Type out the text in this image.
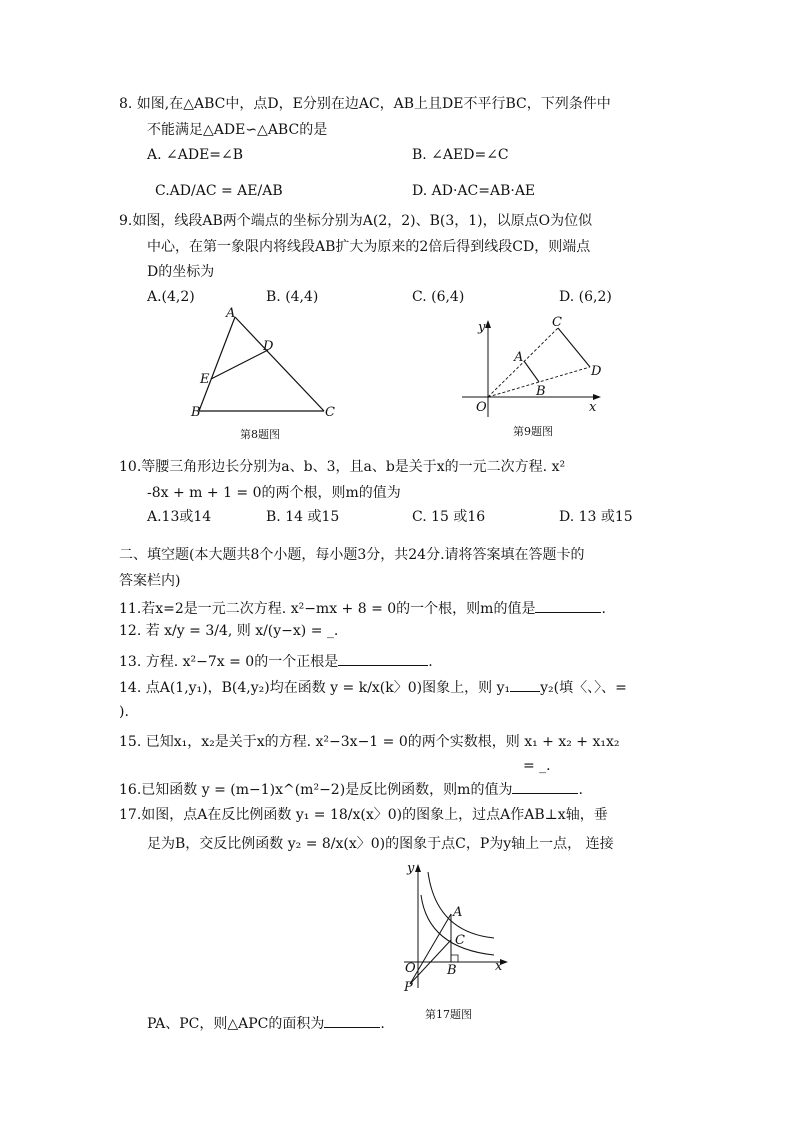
8. 如图,在△ABC中，点D，E分别在边AC，AB上且DE不平行BC，下列条件中
不能满足△ADE∽△ABC的是
A. ∠ADE=∠B	B. ∠AED=∠C
C.AD/AC = AE/AB	D. AD·AC=AB·AE
9.如图，线段AB两个端点的坐标分别为A(2，2)、B(3，1)，以原点O为位似
中心，在第一象限内将线段AB扩大为原来的2倍后得到线段CD，则端点
D的坐标为
A.(4,2)	B. (4,4)	C. (6,4)	D. (6,2)
A
D
E
B	C
第8题图
y	C
A
D
B
O	x
第9题图
10.等腰三角形边长分别为a、b、3，且a、b是关于x的一元二次方程. x²
-8x + m + 1 = 0的两个根，则m的值为
A.13或14	B. 14 或15	C. 15 或16	D. 13 或15
二、填空题(本大题共8个小题，每小题3分，共24分.请将答案填在答题卡的
答案栏内)
11.若x=2是一元二次方程. x²−mx + 8 = 0的一个根，则m的值是	.
12. 若 x/y = 3/4, 则 x/(y−x) = _.
13. 方程. x²−7x = 0的一个正根是	.
14. 点A(1,y₁)，B(4,y₂)均在函数 y = k/x(k〉0)图象上，则 y₁ y₂(填〈、〉、=
).
15. 已知x₁，x₂是关于x的方程. x²−3x−1 = 0的两个实数根，则 x₁ + x₂ + x₁x₂
= _.
16.已知函数 y = (m−1)x^(m²−2)是反比例函数，则m的值为	.
17.如图，点A在反比例函数 y₁ = 18/x(x〉0)的图象上，过点A作AB⊥x轴，垂
足为B，交反比例函数 y₂ = 8/x(x〉0)的图象于点C，P为y轴上一点， 连接
y
A
C
O B	x
P
第17题图
PA、PC，则△APC的面积为	.
